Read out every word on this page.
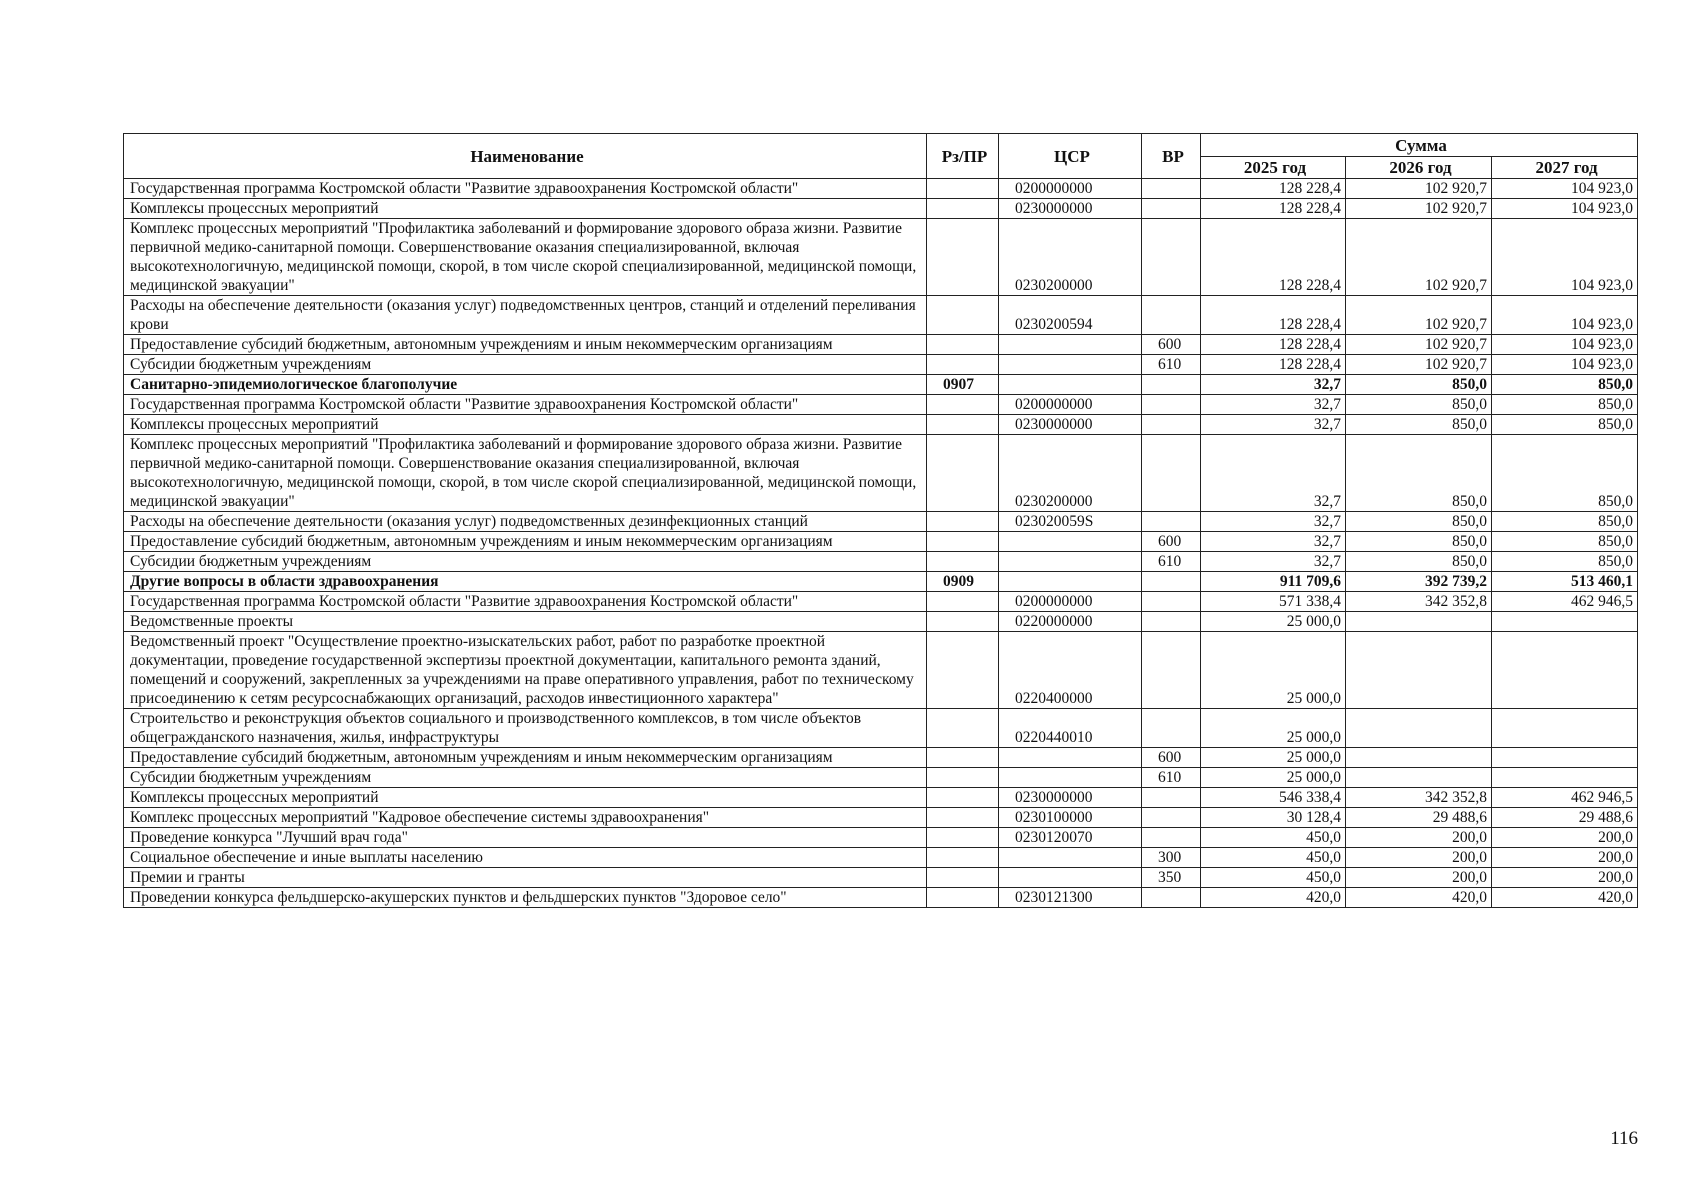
Наименование	Рз/ПР	ЦСР	ВР	Сумма		
				2025 год	2026 год	2027 год
Государственная программа Костромской области "Развитие здравоохранения Костромской области"		0200000000		128 228,4	102 920,7	104 923,0
Комплексы процессных мероприятий		0230000000		128 228,4	102 920,7	104 923,0
Комплекс процессных мероприятий "Профилактика заболеваний и формирование здорового образа жизни. Развитие первичной медико-санитарной помощи. Совершенствование оказания специализированной, включая высокотехнологичную, медицинской помощи, скорой, в том числе скорой специализированной, медицинской помощи, медицинской эвакуации"		0230200000		128 228,4	102 920,7	104 923,0
Расходы на обеспечение деятельности (оказания услуг) подведомственных центров, станций и отделений переливания крови		0230200594		128 228,4	102 920,7	104 923,0
Предоставление субсидий бюджетным, автономным учреждениям и иным некоммерческим организациям			600	128 228,4	102 920,7	104 923,0
Субсидии бюджетным учреждениям			610	128 228,4	102 920,7	104 923,0
Санитарно-эпидемиологическое благополучие	0907			32,7	850,0	850,0
Государственная программа Костромской области "Развитие здравоохранения Костромской области"		0200000000		32,7	850,0	850,0
Комплексы процессных мероприятий		0230000000		32,7	850,0	850,0
Комплекс процессных мероприятий "Профилактика заболеваний и формирование здорового образа жизни. Развитие первичной медико-санитарной помощи. Совершенствование оказания специализированной, включая высокотехнологичную, медицинской помощи, скорой, в том числе скорой специализированной, медицинской помощи, медицинской эвакуации"		0230200000		32,7	850,0	850,0
Расходы на обеспечение деятельности (оказания услуг) подведомственных дезинфекционных станций		023020059S		32,7	850,0	850,0
Предоставление субсидий бюджетным, автономным учреждениям и иным некоммерческим организациям			600	32,7	850,0	850,0
Субсидии бюджетным учреждениям			610	32,7	850,0	850,0
Другие вопросы в области здравоохранения	0909			911 709,6	392 739,2	513 460,1
Государственная программа Костромской области "Развитие здравоохранения Костромской области"		0200000000		571 338,4	342 352,8	462 946,5
Ведомственные проекты		0220000000		25 000,0		
Ведомственный проект "Осуществление проектно-изыскательских работ, работ по разработке проектной документации, проведение государственной экспертизы проектной документации, капитального ремонта зданий, помещений и сооружений, закрепленных за учреждениями на праве оперативного управления, работ по техническому присоединению к сетям ресурсоснабжающих организаций, расходов инвестиционного характера"		0220400000		25 000,0		
Строительство и реконструкция объектов социального и производственного комплексов, в том числе объектов общегражданского назначения, жилья, инфраструктуры		0220440010		25 000,0		
Предоставление субсидий бюджетным, автономным учреждениям и иным некоммерческим организациям			600	25 000,0		
Субсидии бюджетным учреждениям			610	25 000,0		
Комплексы процессных мероприятий		0230000000		546 338,4	342 352,8	462 946,5
Комплекс процессных мероприятий "Кадровое обеспечение системы здравоохранения"		0230100000		30 128,4	29 488,6	29 488,6
Проведение конкурса "Лучший врач года"		0230120070		450,0	200,0	200,0
Социальное обеспечение и иные выплаты населению			300	450,0	200,0	200,0
Премии и гранты			350	450,0	200,0	200,0
Проведении конкурса фельдшерско-акушерских пунктов и фельдшерских пунктов "Здоровое село"		0230121300		420,0	420,0	420,0
116
